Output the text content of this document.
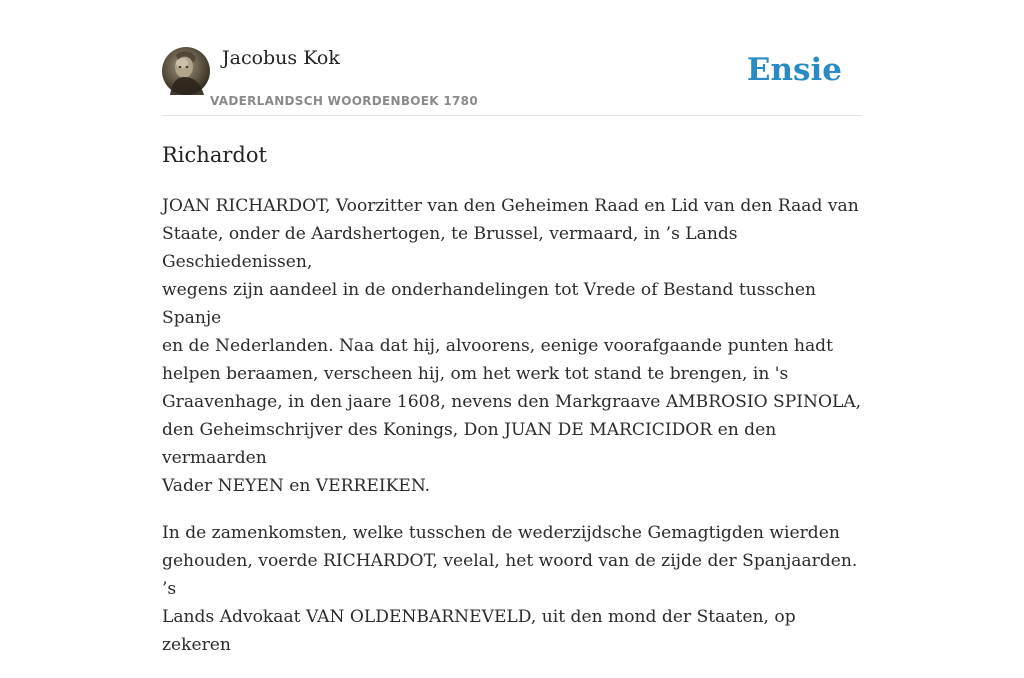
Jacobus Kok
VADERLANDSCH WOORDENBOEK 1780
Ensie
Richardot

JOAN RICHARDOT, Voorzitter van den Geheimen Raad en Lid van den Raad van
Staate, onder de Aardshertogen, te Brussel, vermaard, in ’s Lands Geschiedenissen,
wegens zijn aandeel in de onderhandelingen tot Vrede of Bestand tusschen Spanje
en de Nederlanden. Naa dat hij, alvoorens, eenige voorafgaande punten hadt
helpen beraamen, verscheen hij, om het werk tot stand te brengen, in 's
Graavenhage, in den jaare 1608, nevens den Markgraave AMBROSIO SPINOLA,
den Geheimschrijver des Konings, Don JUAN DE MARCICIDOR en den vermaarden
Vader NEYEN en VERREIKEN.

In de zamenkomsten, welke tusschen de wederzijdsche Gemagtigden wierden
gehouden, voerde RICHARDOT, veelal, het woord van de zijde der Spanjaarden. ’s
Lands Advokaat VAN OLDENBARNEVELD, uit den mond der Staaten, op zekeren
